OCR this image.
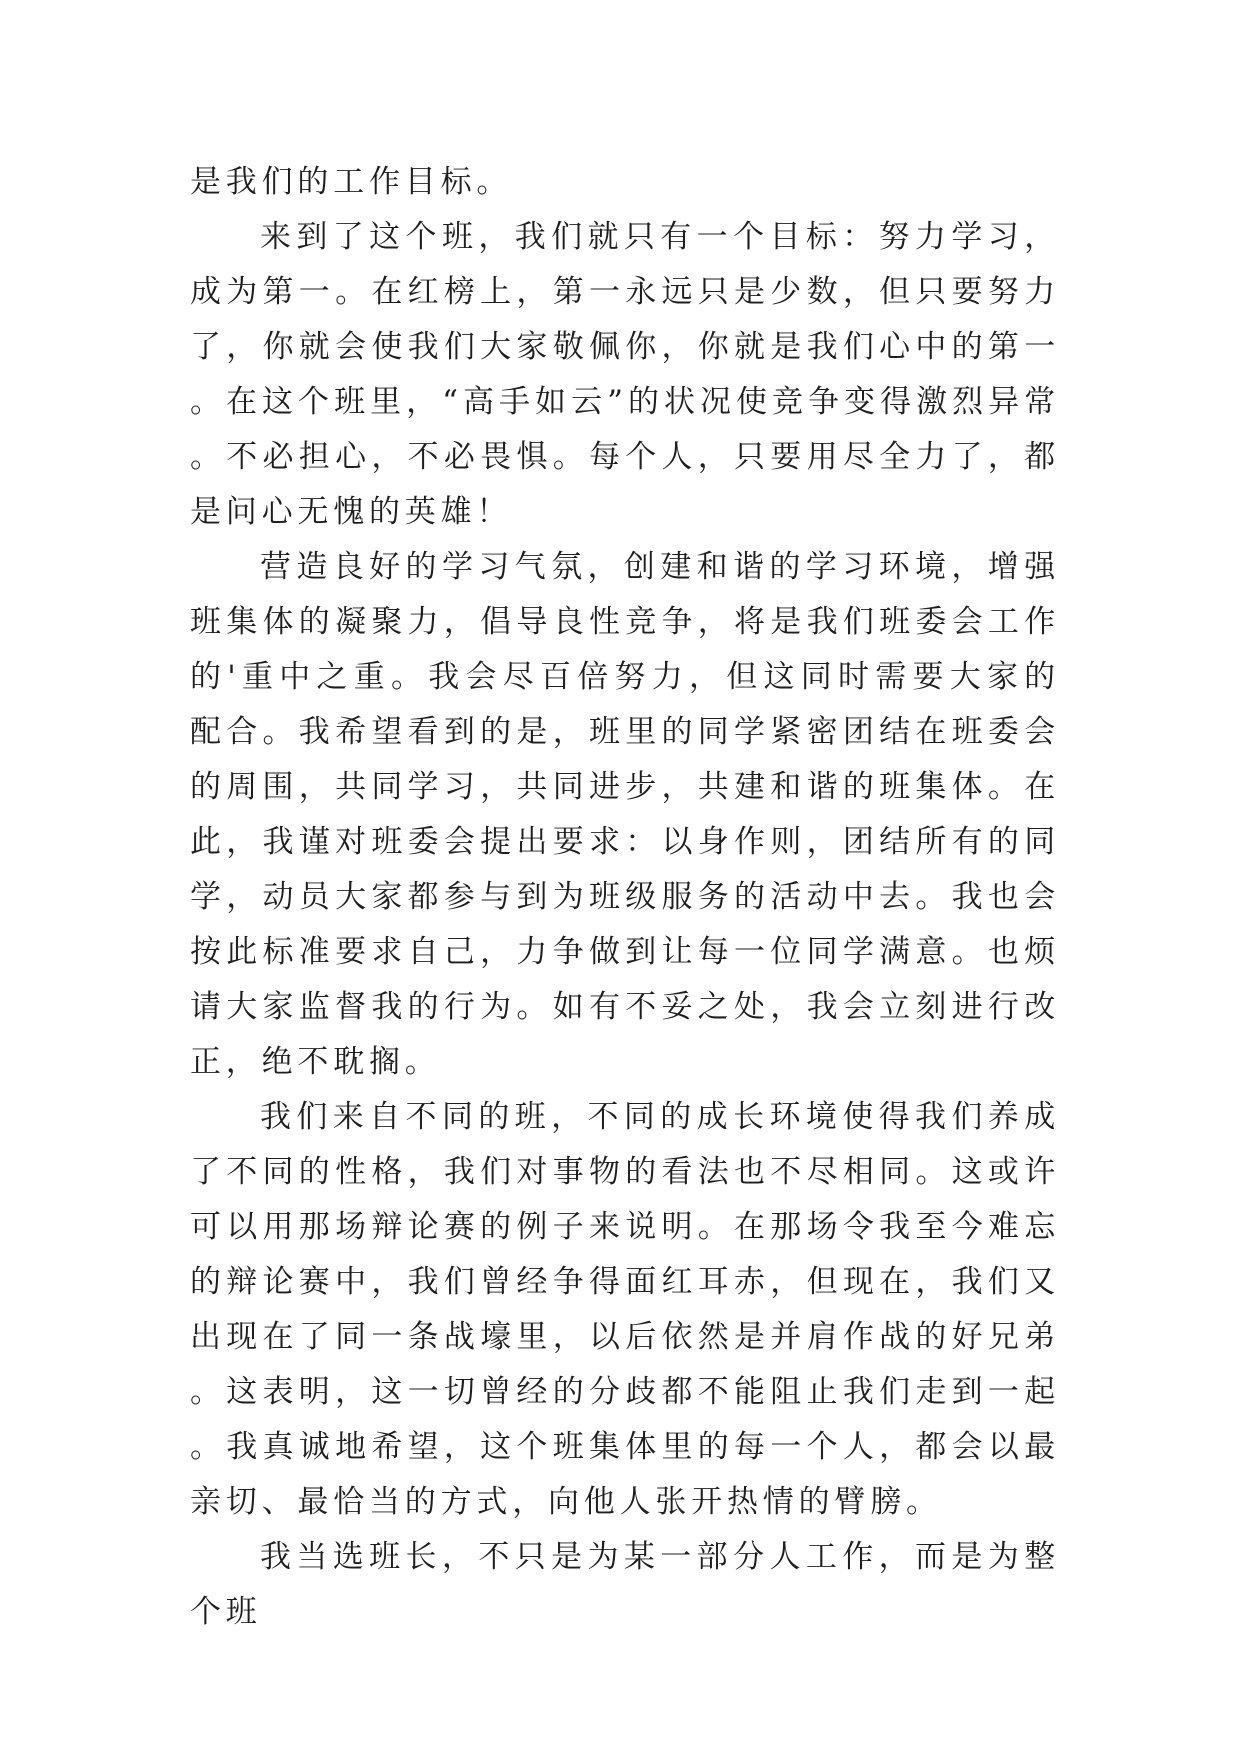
是我们的工作目标。

来到了这个班，我们就只有一个目标：努力学习，成为第一。在红榜上，第一永远只是少数，但只要努力了，你就会使我们大家敬佩你，你就是我们心中的第一。在这个班里，“高手如云”的状况使竞争变得激烈异常。不必担心，不必畏惧。每个人，只要用尽全力了，都是问心无愧的英雄！

营造良好的学习气氛，创建和谐的学习环境，增强班集体的凝聚力，倡导良性竞争，将是我们班委会工作的'重中之重。我会尽百倍努力，但这同时需要大家的配合。我希望看到的是，班里的同学紧密团结在班委会的周围，共同学习，共同进步，共建和谐的班集体。在此，我谨对班委会提出要求：以身作则，团结所有的同学，动员大家都参与到为班级服务的活动中去。我也会按此标准要求自己，力争做到让每一位同学满意。也烦请大家监督我的行为。如有不妥之处，我会立刻进行改正，绝不耽搁。

我们来自不同的班，不同的成长环境使得我们养成了不同的性格，我们对事物的看法也不尽相同。这或许可以用那场辩论赛的例子来说明。在那场令我至今难忘的辩论赛中，我们曾经争得面红耳赤，但现在，我们又出现在了同一条战壕里，以后依然是并肩作战的好兄弟。这表明，这一切曾经的分歧都不能阻止我们走到一起。我真诚地希望，这个班集体里的每一个人，都会以最亲切、最恰当的方式，向他人张开热情的臂膀。

我当选班长，不只是为某一部分人工作，而是为整个班
